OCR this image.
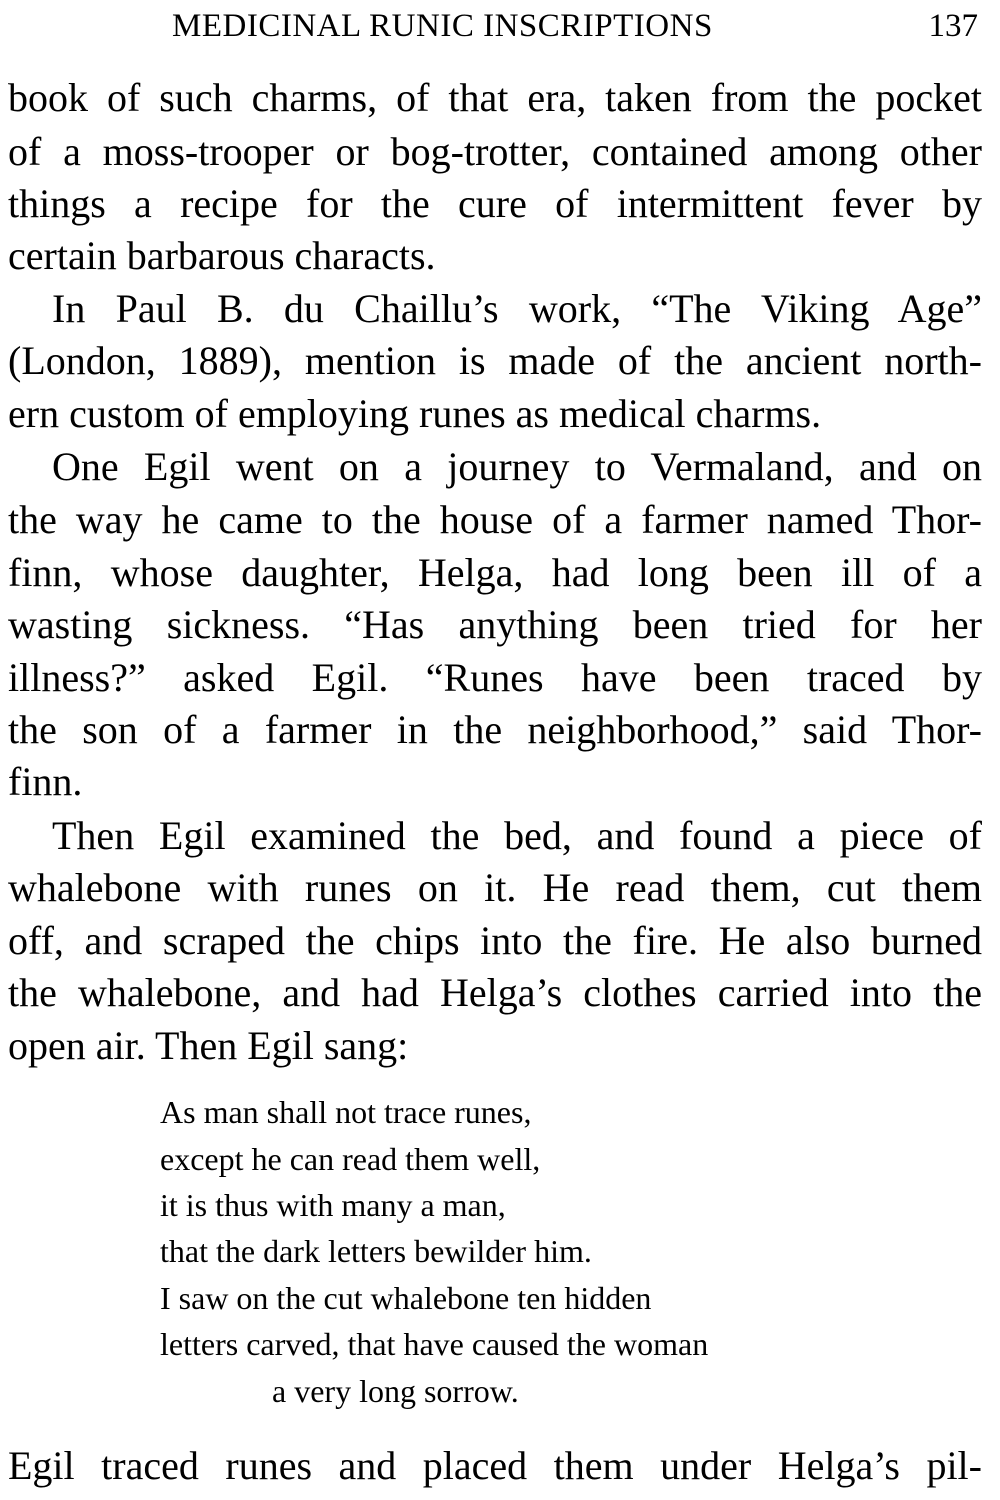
MEDICINAL RUNIC INSCRIPTIONS	137
book of such charms, of that era, taken from the pocket
of a moss-trooper or bog-trotter, contained among other
things a recipe for the cure of intermittent fever by
certain barbarous characts.
In Paul B. du Chaillu’s work, “The Viking Age”
(London, 1889), mention is made of the ancient north-
ern custom of employing runes as medical charms.
One Egil went on a journey to Vermaland, and on
the way he came to the house of a farmer named Thor-
finn, whose daughter, Helga, had long been ill of a
wasting sickness. “Has anything been tried for her
illness?” asked Egil. “Runes have been traced by
the son of a farmer in the neighborhood,” said Thor-
finn.
Then Egil examined the bed, and found a piece of
whalebone with runes on it. He read them, cut them
off, and scraped the chips into the fire. He also burned
the whalebone, and had Helga’s clothes carried into the
open air. Then Egil sang:
As man shall not trace runes,
except he can read them well,
it is thus with many a man,
that the dark letters bewilder him.
I saw on the cut whalebone ten hidden
letters carved, that have caused the woman
a very long sorrow.
Egil traced runes and placed them under Helga’s pil-
